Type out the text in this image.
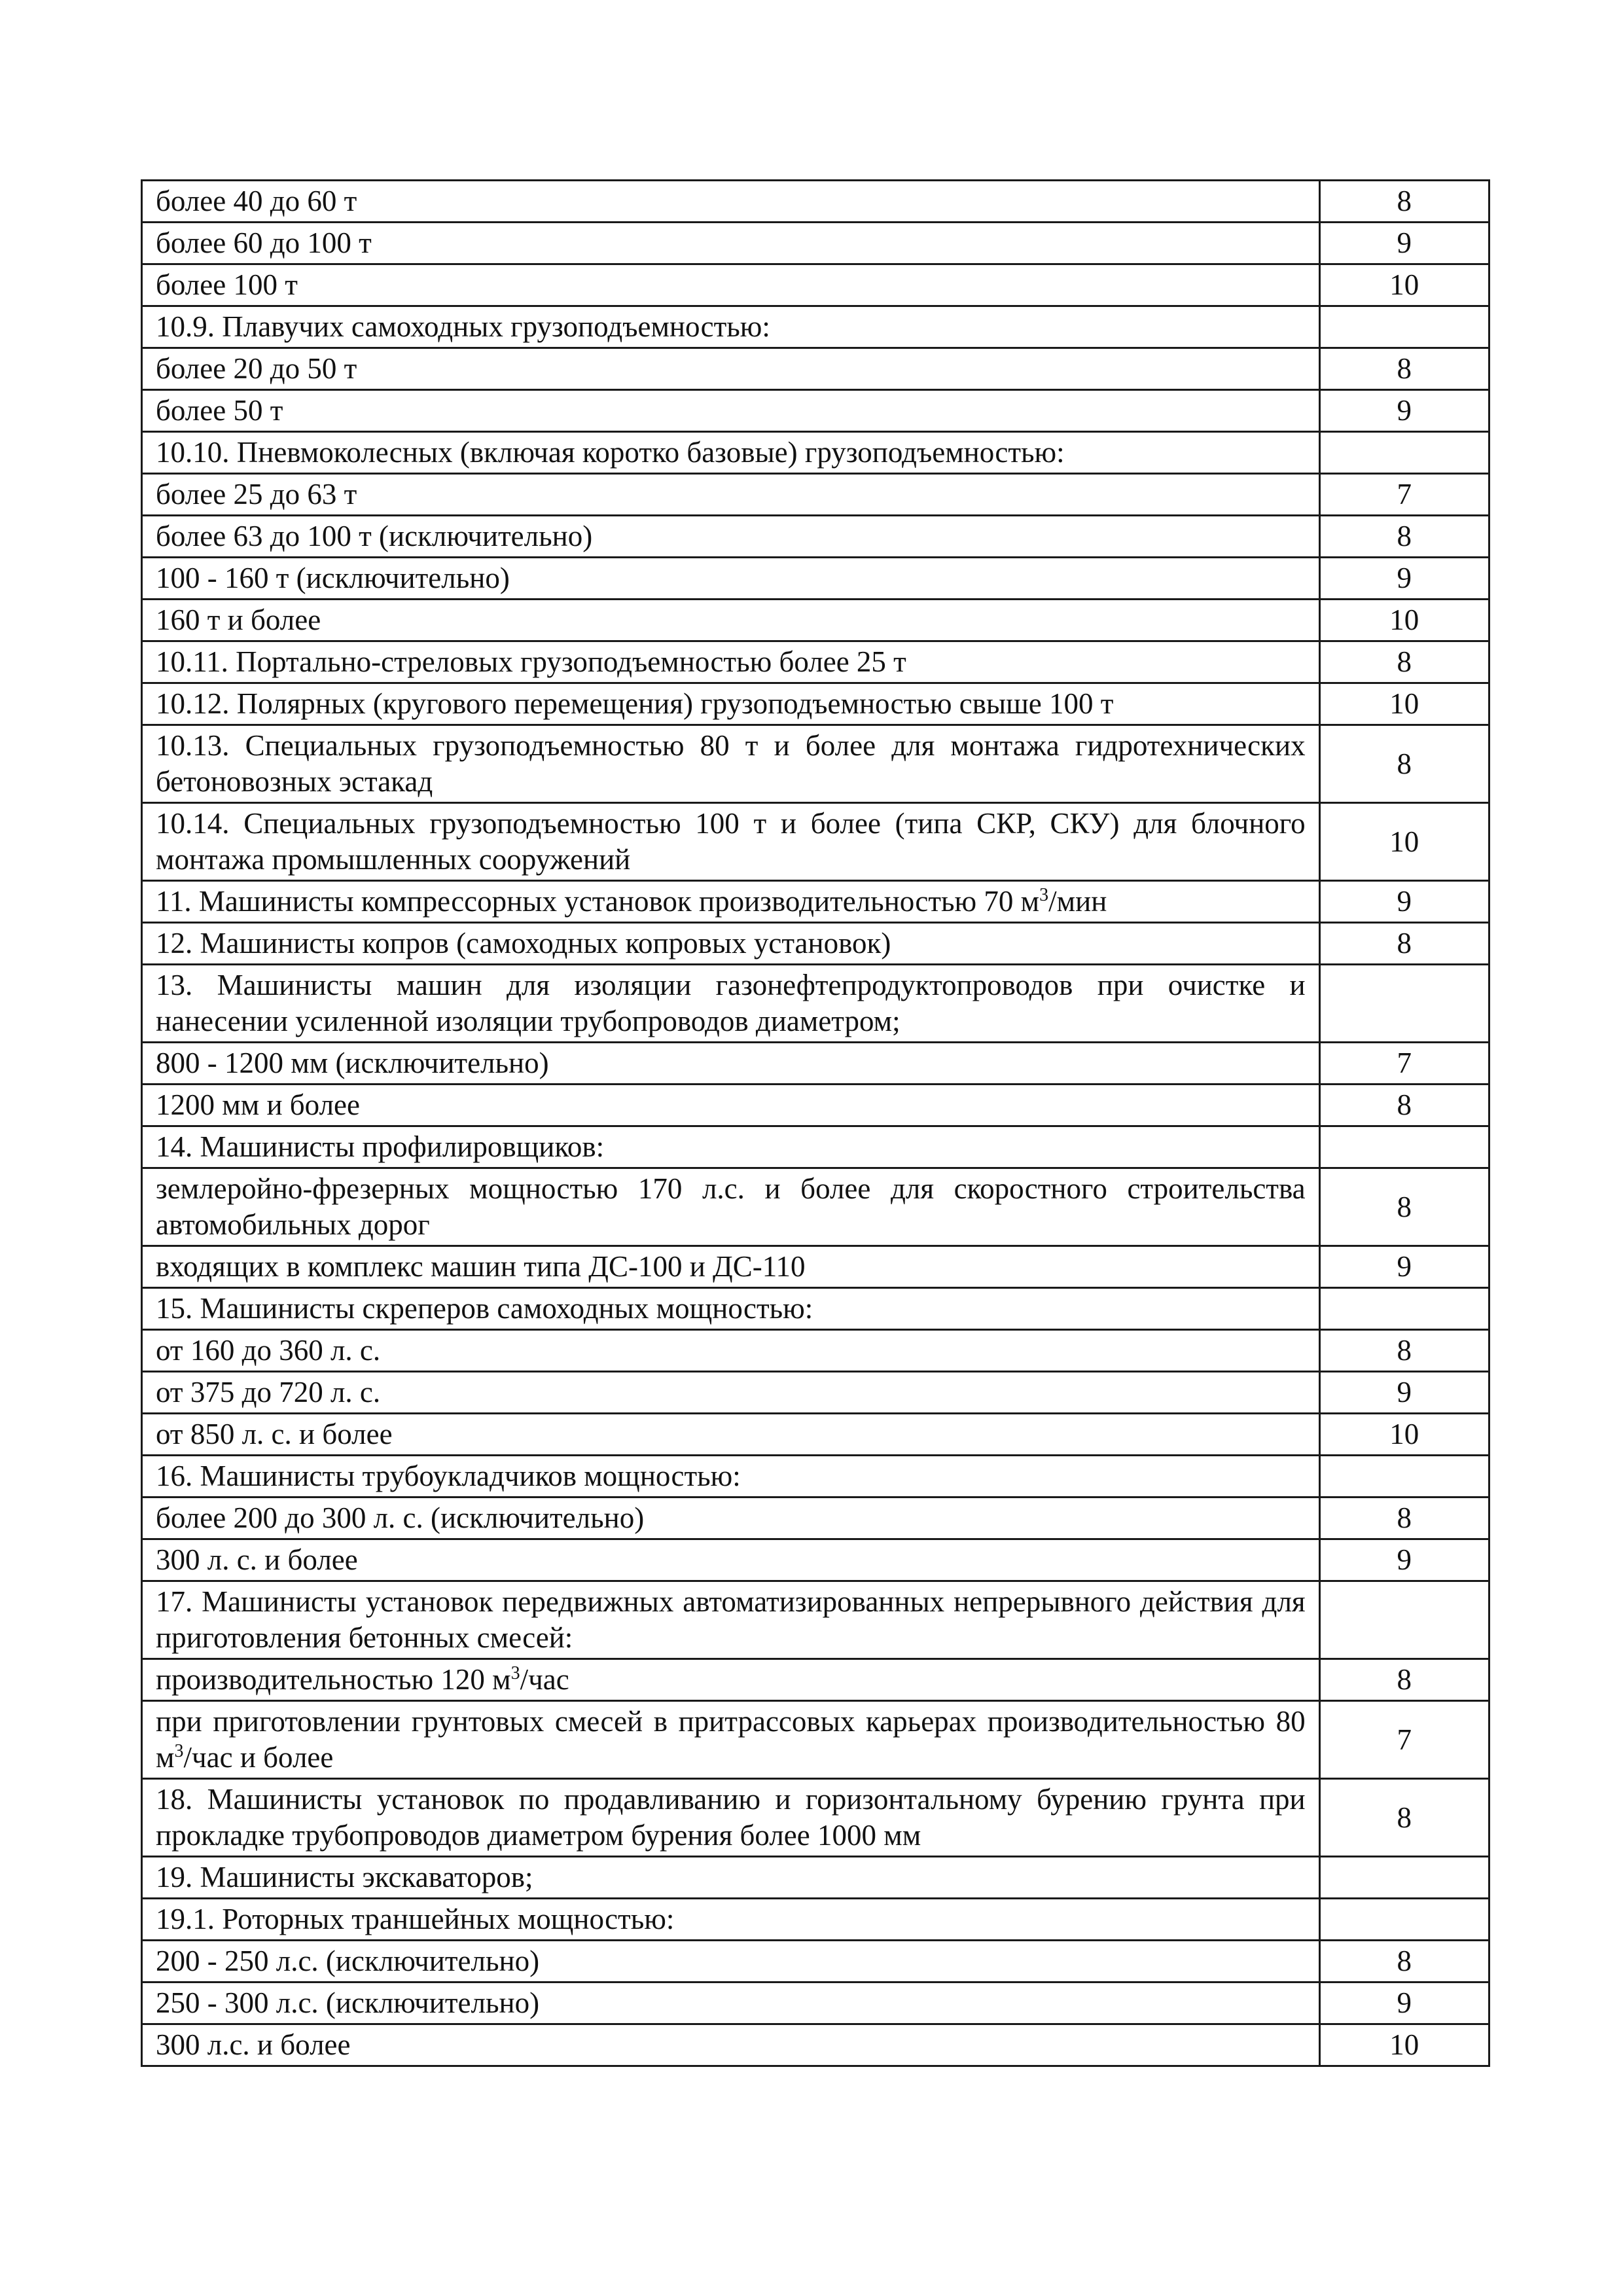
более 40 до 60 т	8
более 60 до 100 т	9
более 100 т	10
10.9. Плавучих самоходных грузоподъемностью:	
более 20 до 50 т	8
более 50 т	9
10.10. Пневмоколесных (включая коротко базовые) грузоподъемностью:	
более 25 до 63 т	7
более 63 до 100 т (исключительно)	8
100 - 160 т (исключительно)	9
160 т и более	10
10.11. Портально-стреловых грузоподъемностью более 25 т	8
10.12. Полярных (кругового перемещения) грузоподъемностью свыше 100 т	10
10.13. Специальных грузоподъемностью 80 т и более для монтажа гидротехнических бетоновозных эстакад	8
10.14. Специальных грузоподъемностью 100 т и более (типа СКР, СКУ) для блочного монтажа промышленных сооружений	10
11. Машинисты компрессорных установок производительностью 70 $м^3$/мин	9
12. Машинисты копров (самоходных копровых установок)	8
13. Машинисты машин для изоляции газонефтепродуктопроводов при очистке и нанесении усиленной изоляции трубопроводов диаметром;	
800 - 1200 мм (исключительно)	7
1200 мм и более	8
14. Машинисты профилировщиков:	
землеройно-фрезерных мощностью 170 л.с. и более для скоростного строительства автомобильных дорог	8
входящих в комплекс машин типа ДС-100 и ДС-110	9
15. Машинисты скреперов самоходных мощностью:	
от 160 до 360 л. с.	8
от 375 до 720 л. с.	9
от 850 л. с. и более	10
16. Машинисты трубоукладчиков мощностью:	
более 200 до 300 л. с. (исключительно)	8
300 л. с. и более	9
17. Машинисты установок передвижных автоматизированных непрерывного действия для приготовления бетонных смесей:	
производительностью 120 $м^3$/час	8
при приготовлении грунтовых смесей в притрассовых карьерах производительностью 80 $м^3$/час и более	7
18. Машинисты установок по продавливанию и горизонтальному бурению грунта при прокладке трубопроводов диаметром бурения более 1000 мм	8
19. Машинисты экскаваторов;	
19.1. Роторных траншейных мощностью:	
200 - 250 л.с. (исключительно)	8
250 - 300 л.с. (исключительно)	9
300 л.с. и более	10
